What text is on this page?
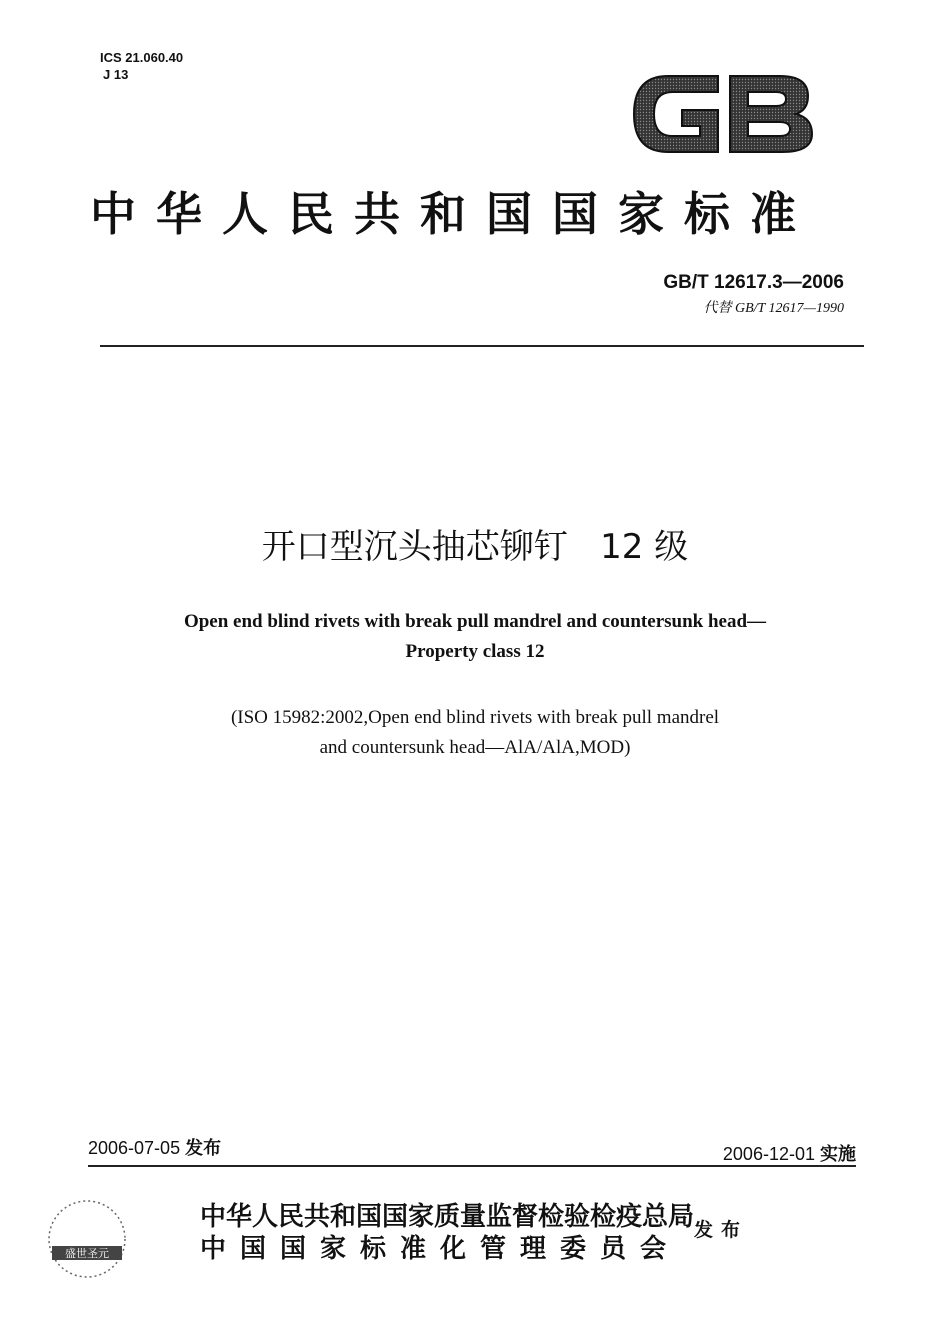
ICS 21.060.40
J 13
GB
中华人民共和国国家标准
GB/T 12617.3—2006
代替 GB/T 12617—1990
开口型沉头抽芯铆钉 12 级
Open end blind rivets with break pull mandrel and countersunk head—
Property class 12
(ISO 15982:2002,Open end blind rivets with break pull mandrel
and countersunk head—AlA/AlA,MOD)
2006-07-05 发布	2006-12-01 实施
盛世圣元
中华人民共和国国家质量监督检验检疫总局
中国国家标准化管理委员会
发布
